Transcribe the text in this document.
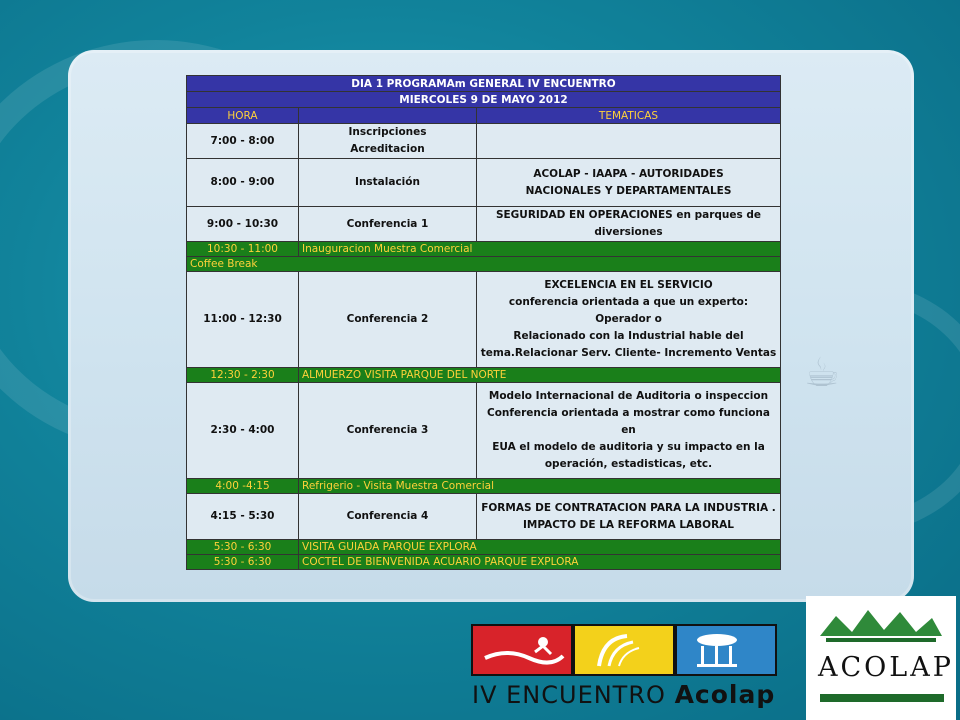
☕
DIA 1 PROGRAMAm GENERAL IV ENCUENTRO		
MIERCOLES 9 DE MAYO 2012		
HORA		TEMATICAS
7:00 - 8:00	Inscripciones
Acreditacion	
8:00 - 9:00	Instalación	ACOLAP - IAAPA - AUTORIDADES
NACIONALES Y DEPARTAMENTALES
9:00 - 10:30	Conferencia 1	SEGURIDAD EN OPERACIONES en parques de
diversiones
10:30 - 11:00	Inauguracion Muestra Comercial	
Coffee Break		
11:00 - 12:30	Conferencia 2	EXCELENCIA EN EL SERVICIO
conferencia orientada a que un experto: Operador o
Relacionado con la Industrial hable del
tema.Relacionar Serv. Cliente- Incremento Ventas
12:30 - 2:30	ALMUERZO VISITA PARQUE DEL NORTE	
2:30 - 4:00	Conferencia 3	Modelo Internacional de Auditoria o inspeccion
Conferencia orientada a mostrar como funciona en
EUA el modelo de auditoria y su impacto en la
operación, estadisticas, etc.
4:00 -4:15	Refrigerio - Visita Muestra Comercial	
4:15 - 5:30	Conferencia 4	FORMAS DE CONTRATACION PARA LA INDUSTRIA .
IMPACTO DE LA REFORMA LABORAL
5:30 - 6:30	VISITA GUIADA PARQUE EXPLORA	
5:30 - 6:30	COCTEL DE BIENVENIDA ACUARIO PARQUE EXPLORA	
IV ENCUENTRO Acolap
ACOLAP
